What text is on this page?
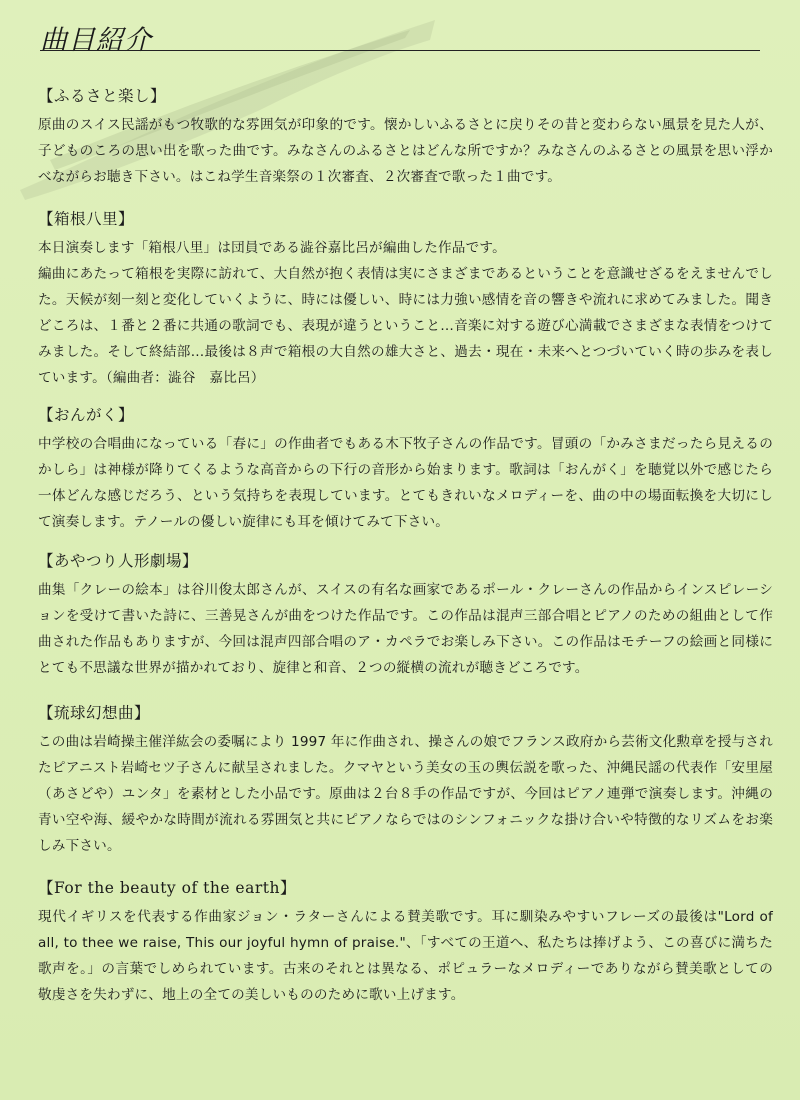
曲目紹介
【ふるさと楽し】

原曲のスイス民謡がもつ牧歌的な雰囲気が印象的です。懐かしいふるさとに戻りその昔と変わらない風景を見た人が、子どものころの思い出を歌った曲です。みなさんのふるさとはどんな所ですか？みなさんのふるさとの風景を思い浮かべながらお聴き下さい。はこね学生音楽祭の１次審査、２次審査で歌った１曲です。

【箱根八里】

本日演奏します「箱根八里」は団員である澁谷嘉比呂が編曲した作品です。

編曲にあたって箱根を実際に訪れて、大自然が抱く表情は実にさまざまであるということを意識せざるをえませんでした。天候が刻一刻と変化していくように、時には優しい、時には力強い感情を音の響きや流れに求めてみました。聞きどころは、１番と２番に共通の歌詞でも、表現が違うということ…音楽に対する遊び心満載でさまざまな表情をつけてみました。そして終結部…最後は８声で箱根の大自然の雄大さと、過去・現在・未来へとつづいていく時の歩みを表しています。（編曲者：澁谷　嘉比呂）

【おんがく】

中学校の合唱曲になっている「春に」の作曲者でもある木下牧子さんの作品です。冒頭の「かみさまだったら見えるのかしら」は神様が降りてくるような高音からの下行の音形から始まります。歌詞は「おんがく」を聴覚以外で感じたら一体どんな感じだろう、という気持ちを表現しています。とてもきれいなメロディーを、曲の中の場面転換を大切にして演奏します。テノールの優しい旋律にも耳を傾けてみて下さい。

【あやつり人形劇場】

曲集「クレーの絵本」は谷川俊太郎さんが、スイスの有名な画家であるポール・クレーさんの作品からインスピレーションを受けて書いた詩に、三善晃さんが曲をつけた作品です。この作品は混声三部合唱とピアノのための組曲として作曲された作品もありますが、今回は混声四部合唱のア・カペラでお楽しみ下さい。この作品はモチーフの絵画と同様にとても不思議な世界が描かれており、旋律と和音、２つの縦横の流れが聴きどころです。

【琉球幻想曲】

この曲は岩崎操主催洋紘会の委嘱により 1997 年に作曲され、操さんの娘でフランス政府から芸術文化勲章を授与されたピアニスト岩崎セツ子さんに献呈されました。クマヤという美女の玉の輿伝説を歌った、沖縄民謡の代表作「安里屋（あさどや）ユンタ」を素材とした小品です。原曲は２台８手の作品ですが、今回はピアノ連弾で演奏します。沖縄の青い空や海、緩やかな時間が流れる雰囲気と共にピアノならではのシンフォニックな掛け合いや特徴的なリズムをお楽しみ下さい。

【For the beauty of the earth】

現代イギリスを代表する作曲家ジョン・ラターさんによる賛美歌です。耳に馴染みやすいフレーズの最後は"Lord of all, to thee we raise, This our joyful hymn of praise."、「すべての王道へ、私たちは捧げよう、この喜びに満ちた歌声を。」の言葉でしめられています。古来のそれとは異なる、ポピュラーなメロディーでありながら賛美歌としての敬虔さを失わずに、地上の全ての美しいもののために歌い上げます。
